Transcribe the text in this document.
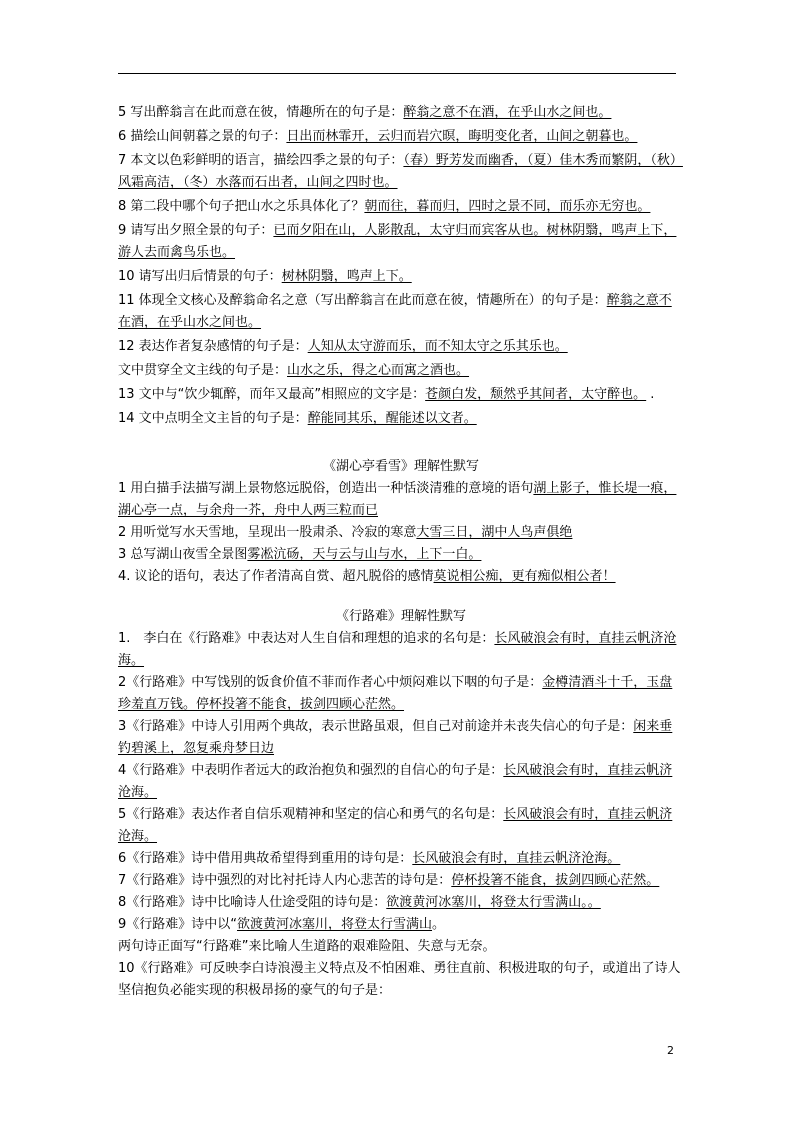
5 写出醉翁言在此而意在彼，情趣所在的句子是：醉翁之意不在酒，在乎山水之间也。

6 描绘山间朝暮之景的句子：日出而林霏开，云归而岩穴暝，晦明变化者，山间之朝暮也。

7 本文以色彩鲜明的语言，描绘四季之景的句子：（春）野芳发而幽香，（夏）佳木秀而繁阴，（秋）风霜高洁，（冬）水落而石出者，山间之四时也。

8 第二段中哪个句子把山水之乐具体化了？朝而往，暮而归，四时之景不同，而乐亦无穷也。

9 请写出夕照全景的句子：已而夕阳在山，人影散乱，太守归而宾客从也。树林阴翳，鸣声上下，游人去而禽鸟乐也。

10 请写出归后情景的句子：树林阴翳，鸣声上下。

11 体现全文核心及醉翁命名之意（写出醉翁言在此而意在彼，情趣所在）的句子是：醉翁之意不在酒，在乎山水之间也。

12 表达作者复杂感情的句子是：人知从太守游而乐，而不知太守之乐其乐也。

文中贯穿全文主线的句子是：山水之乐，得之心而寓之酒也。

13 文中与“饮少辄醉，而年又最高”相照应的文字是：苍颜白发，颓然乎其间者，太守醉也。 .

14 文中点明全文主旨的句子是：醉能同其乐，醒能述以文者。

《湖心亭看雪》理解性默写

1 用白描手法描写湖上景物悠远脱俗，创造出一种恬淡清雅的意境的语句湖上影子，惟长堤一痕，湖心亭一点，与余舟一芥，舟中人两三粒而已

2 用听觉写水天雪地，呈现出一股肃杀、冷寂的寒意大雪三日，湖中人鸟声俱绝

3 总写湖山夜雪全景图雾凇沆砀，天与云与山与水，上下一白。

4. 议论的语句，表达了作者清高自赏、超凡脱俗的感情莫说相公痴，更有痴似相公者！

《行路难》理解性默写

1.　李白在《行路难》中表达对人生自信和理想的追求的名句是：长风破浪会有时，直挂云帆济沧海。

2《行路难》中写饯别的饭食价值不菲而作者心中烦闷难以下咽的句子是：金樽清酒斗十千，玉盘珍羞直万钱。停杯投箸不能食，拔剑四顾心茫然。

3《行路难》中诗人引用两个典故，表示世路虽艰，但自己对前途并未丧失信心的句子是：闲来垂钓碧溪上，忽复乘舟梦日边

4《行路难》中表明作者远大的政治抱负和强烈的自信心的句子是：长风破浪会有时，直挂云帆济沧海。

5《行路难》表达作者自信乐观精神和坚定的信心和勇气的名句是：长风破浪会有时，直挂云帆济沧海。

6《行路难》诗中借用典故希望得到重用的诗句是：长风破浪会有时，直挂云帆济沧海。

7《行路难》诗中强烈的对比衬托诗人内心悲苦的诗句是：停杯投箸不能食，拔剑四顾心茫然。

8《行路难》诗中比喻诗人仕途受阻的诗句是：欲渡黄河冰塞川，将登太行雪满山。。

9《行路难》诗中以“欲渡黄河冰塞川，将登太行雪满山。

两句诗正面写“行路难”来比喻人生道路的艰难险阻、失意与无奈。

10《行路难》可反映李白诗浪漫主义特点及不怕困难、勇往直前、积极进取的句子，或道出了诗人坚信抱负必能实现的积极昂扬的豪气的句子是：

2
